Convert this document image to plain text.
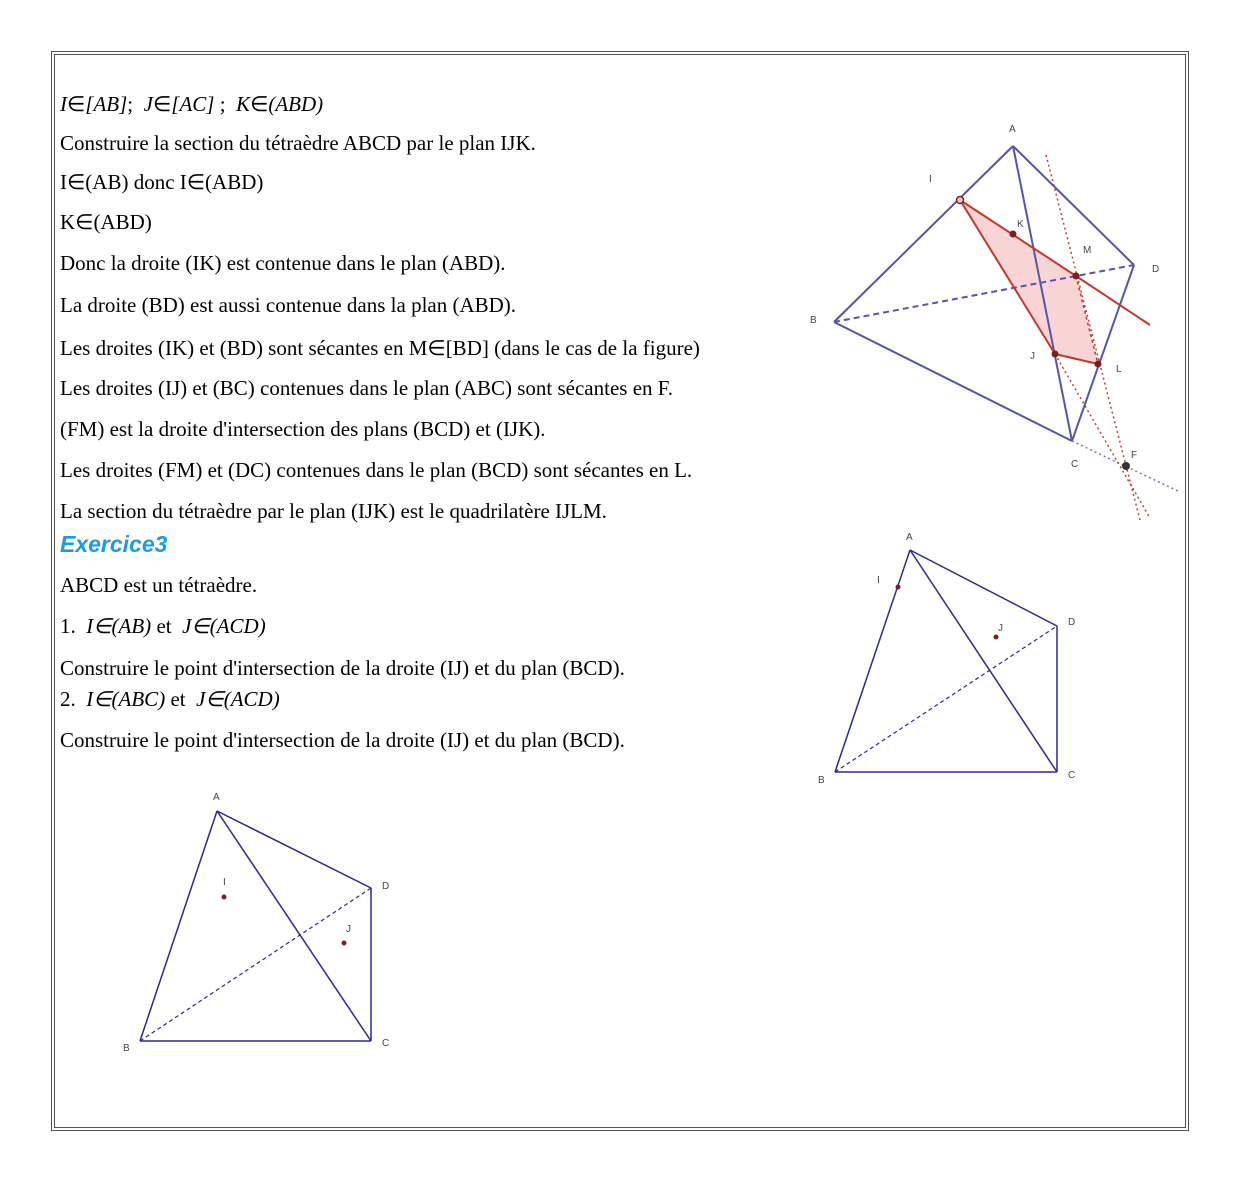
I∈[AB]; J∈[AC] ; K∈(ABD)
Construire la section du tétraèdre ABCD par le plan IJK.
I∈(AB) donc I∈(ABD)
K∈(ABD)
Donc la droite (IK) est contenue dans le plan (ABD).
La droite (BD) est aussi contenue dans la plan (ABD).
Les droites (IK) et (BD) sont sécantes en M∈[BD] (dans le cas de la figure)
Les droites (IJ) et (BC) contenues dans le plan (ABC) sont sécantes en F.
(FM) est la droite d'intersection des plans (BCD) et (IJK).
Les droites (FM) et (DC) contenues dans le plan (BCD) sont sécantes en L.
La section du tétraèdre par le plan (IJK) est le quadrilatère IJLM.
Exercice3
ABCD est un tétraèdre.
1. I∈(AB) et J∈(ACD)
Construire le point d'intersection de la droite (IJ) et du plan (BCD).
2. I∈(ABC) et J∈(ACD)
Construire le point d'intersection de la droite (IJ) et du plan (BCD).
A
B
C
D
I
K
M
J
L
F
A
B	C
D
I
J
A
B	C
D
I
J
